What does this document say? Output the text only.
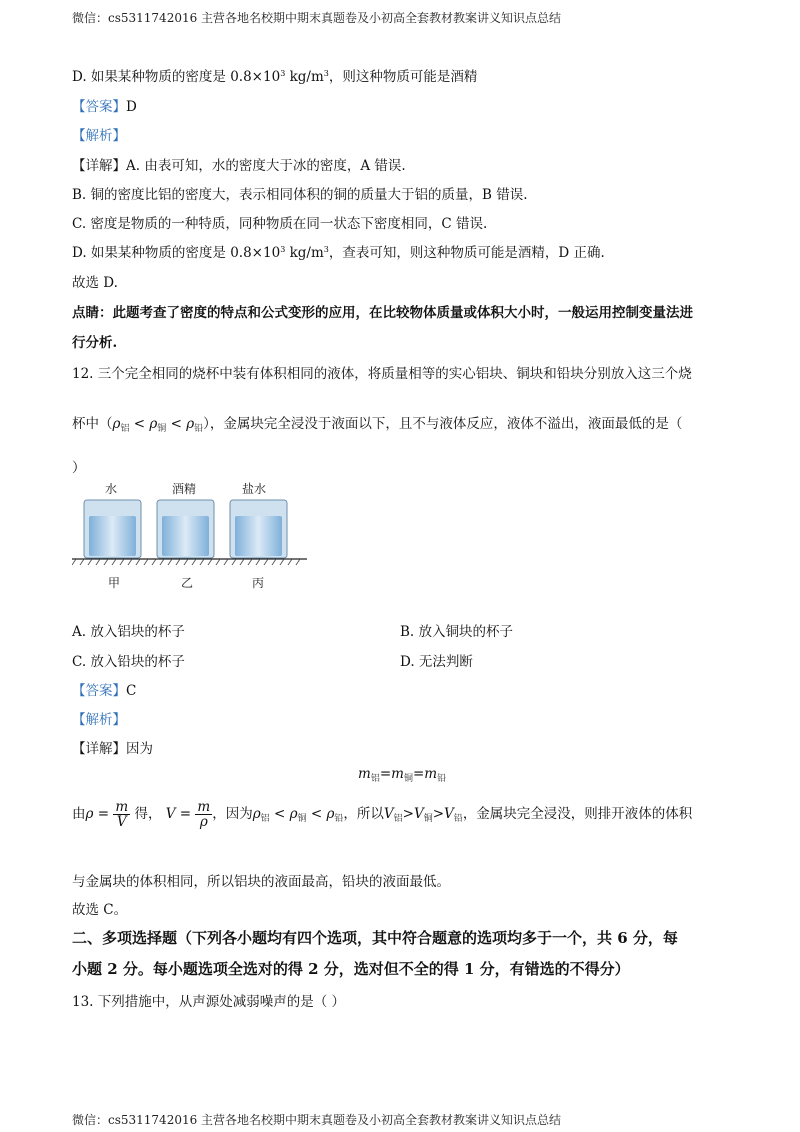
微信：cs5311742016 主营各地名校期中期末真题卷及小初高全套教材教案讲义知识点总结
D. 如果某种物质的密度是 $0.8\times 10^3$ $kg/m^3$，则这种物质可能是酒精
【答案】D
【解析】
【详解】A. 由表可知，水的密度大于冰的密度，A 错误.
B. 铜的密度比铝的密度大，表示相同体积的铜的质量大于铝的质量，B 错误.
C. 密度是物质的一种特质，同种物质在同一状态下密度相同，C 错误.
D. 如果某种物质的密度是 $0.8\times 10^3$ $kg/m^3$，查表可知，则这种物质可能是酒精，D 正确.
故选 D.
点睛：此题考查了密度的特点和公式变形的应用，在比较物体质量或体积大小时，一般运用控制变量法进
行分析.
12. 三个完全相同的烧杯中装有体积相同的液体，将质量相等的实心铝块、铜块和铅块分别放入这三个烧
杯中$(\rho_铝 < \rho_铜 < \rho_铅)$，金属块完全浸没于液面以下，且不与液体反应，液体不溢出，液面最低的是（
）
水	酒精	盐水
甲	乙	丙
A. 放入铝块的杯子	B. 放入铜块的杯子
C. 放入铅块的杯子	D. 无法判断
【答案】C
【解析】
【详解】因为
$m_铝=m_铜=m_铅$
由$\rho = \frac{m}{V}$ 得， $V = \frac{m}{\rho}$ ，因为$\rho_铝 < \rho_铜 < \rho_铅$，所以$V_铝>V_铜>V_铅$，金属块完全浸没，则排开液体的体积
与金属块的体积相同，所以铝块的液面最高，铅块的液面最低。
故选 C。
二、多项选择题（下列各小题均有四个选项，其中符合题意的选项均多于一个，共 6 分，每
小题 2 分。每小题选项全选对的得 2 分，选对但不全的得 1 分，有错选的不得分）
13. 下列措施中，从声源处减弱噪声的是（ ）
微信：cs5311742016 主营各地名校期中期末真题卷及小初高全套教材教案讲义知识点总结
